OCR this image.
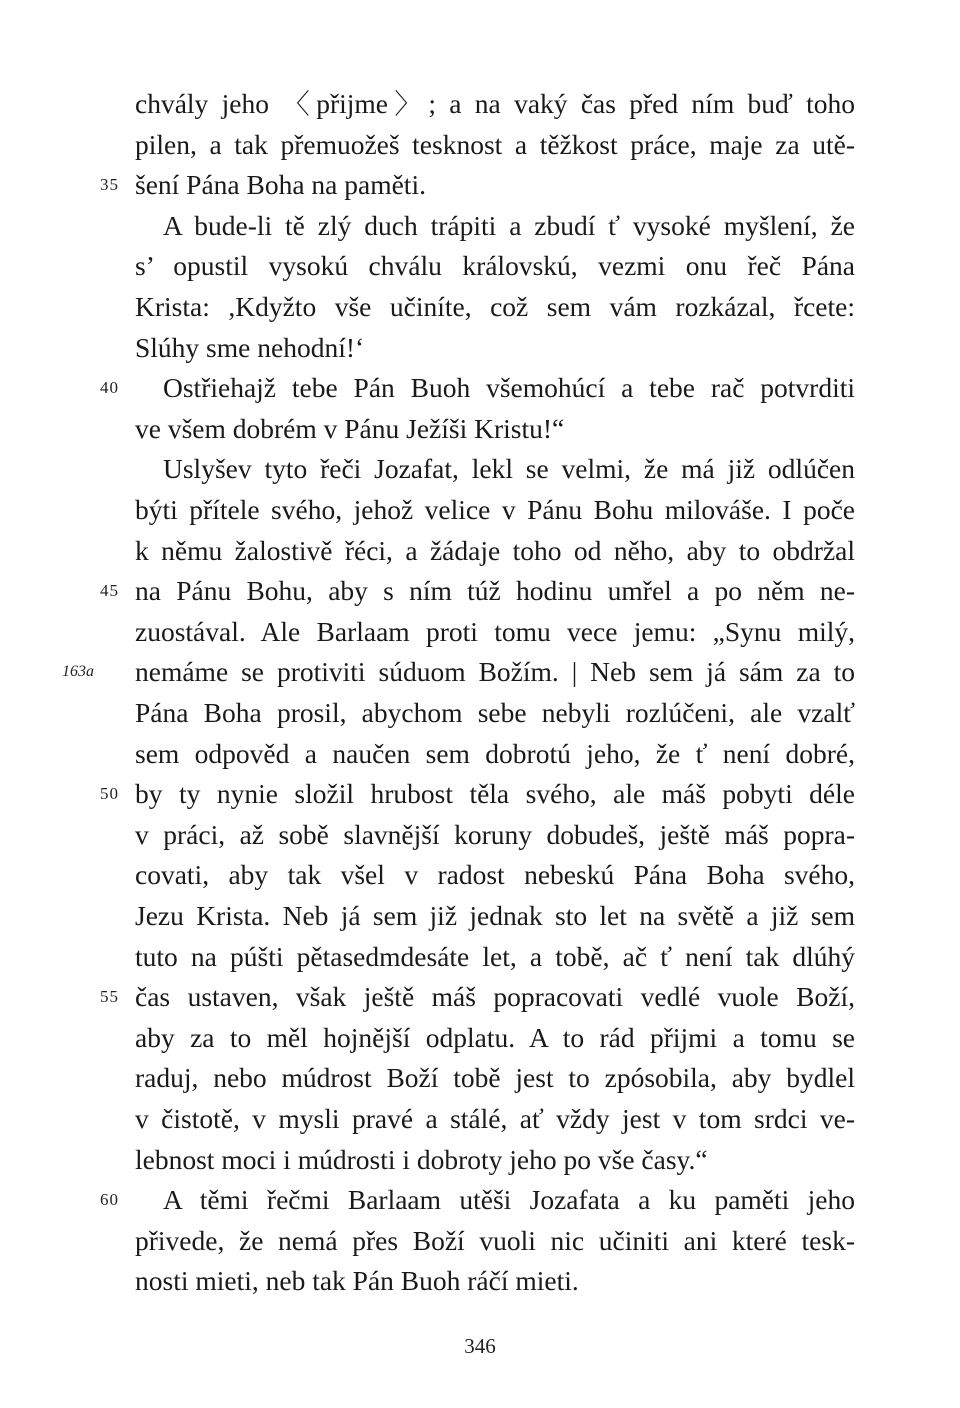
chvály jeho 〈přijme〉; a na vaký čas před ním buď toho
pilen, a tak přemuožeš tesknost a těžkost práce, maje za utě-
šení Pána Boha na paměti.
35
A bude-li tě zlý duch trápiti a zbudí ť vysoké myšlení, že
s’ opustil vysokú chválu královskú, vezmi onu řeč Pána
Krista: ,Kdyžto vše učiníte, což sem vám rozkázal, řcete:
Slúhy sme nehodní!‘
Ostřiehajž tebe Pán Buoh všemohúcí a tebe rač potvrditi
40
ve všem dobrém v Pánu Ježíši Kristu!“
Uslyšev tyto řeči Jozafat, lekl se velmi, že má již odlúčen
býti přítele svého, jehož velice v Pánu Bohu milováše. I poče
k němu žalostivě řéci, a žádaje toho od něho, aby to obdržal
na Pánu Bohu, aby s ním túž hodinu umřel a po něm ne-
45
zuostával. Ale Barlaam proti tomu vece jemu: „Synu milý,
nemáme se protiviti súduom Božím. | Neb sem já sám za to
163a
Pána Boha prosil, abychom sebe nebyli rozlúčeni, ale vzalť
sem odpověd a naučen sem dobrotú jeho, že ť není dobré,
by ty nynie složil hrubost těla svého, ale máš pobyti déle
50
v práci, až sobě slavnější koruny dobudeš, ještě máš popra-
covati, aby tak všel v radost nebeskú Pána Boha svého,
Jezu Krista. Neb já sem již jednak sto let na světě a již sem
tuto na púšti pětasedmdesáte let, a tobě, ač ť není tak dlúhý
čas ustaven, však ještě máš popracovati vedlé vuole Boží,
55
aby za to měl hojnější odplatu. A to rád přijmi a tomu se
raduj, nebo múdrost Boží tobě jest to zpósobila, aby bydlel
v čistotě, v mysli pravé a stálé, ať vždy jest v tom srdci ve-
lebnost moci i múdrosti i dobroty jeho po vše časy.“
A těmi řečmi Barlaam utěši Jozafata a ku paměti jeho
60
přivede, že nemá přes Boží vuoli nic učiniti ani které tesk-
nosti mieti, neb tak Pán Buoh ráčí mieti.
346
